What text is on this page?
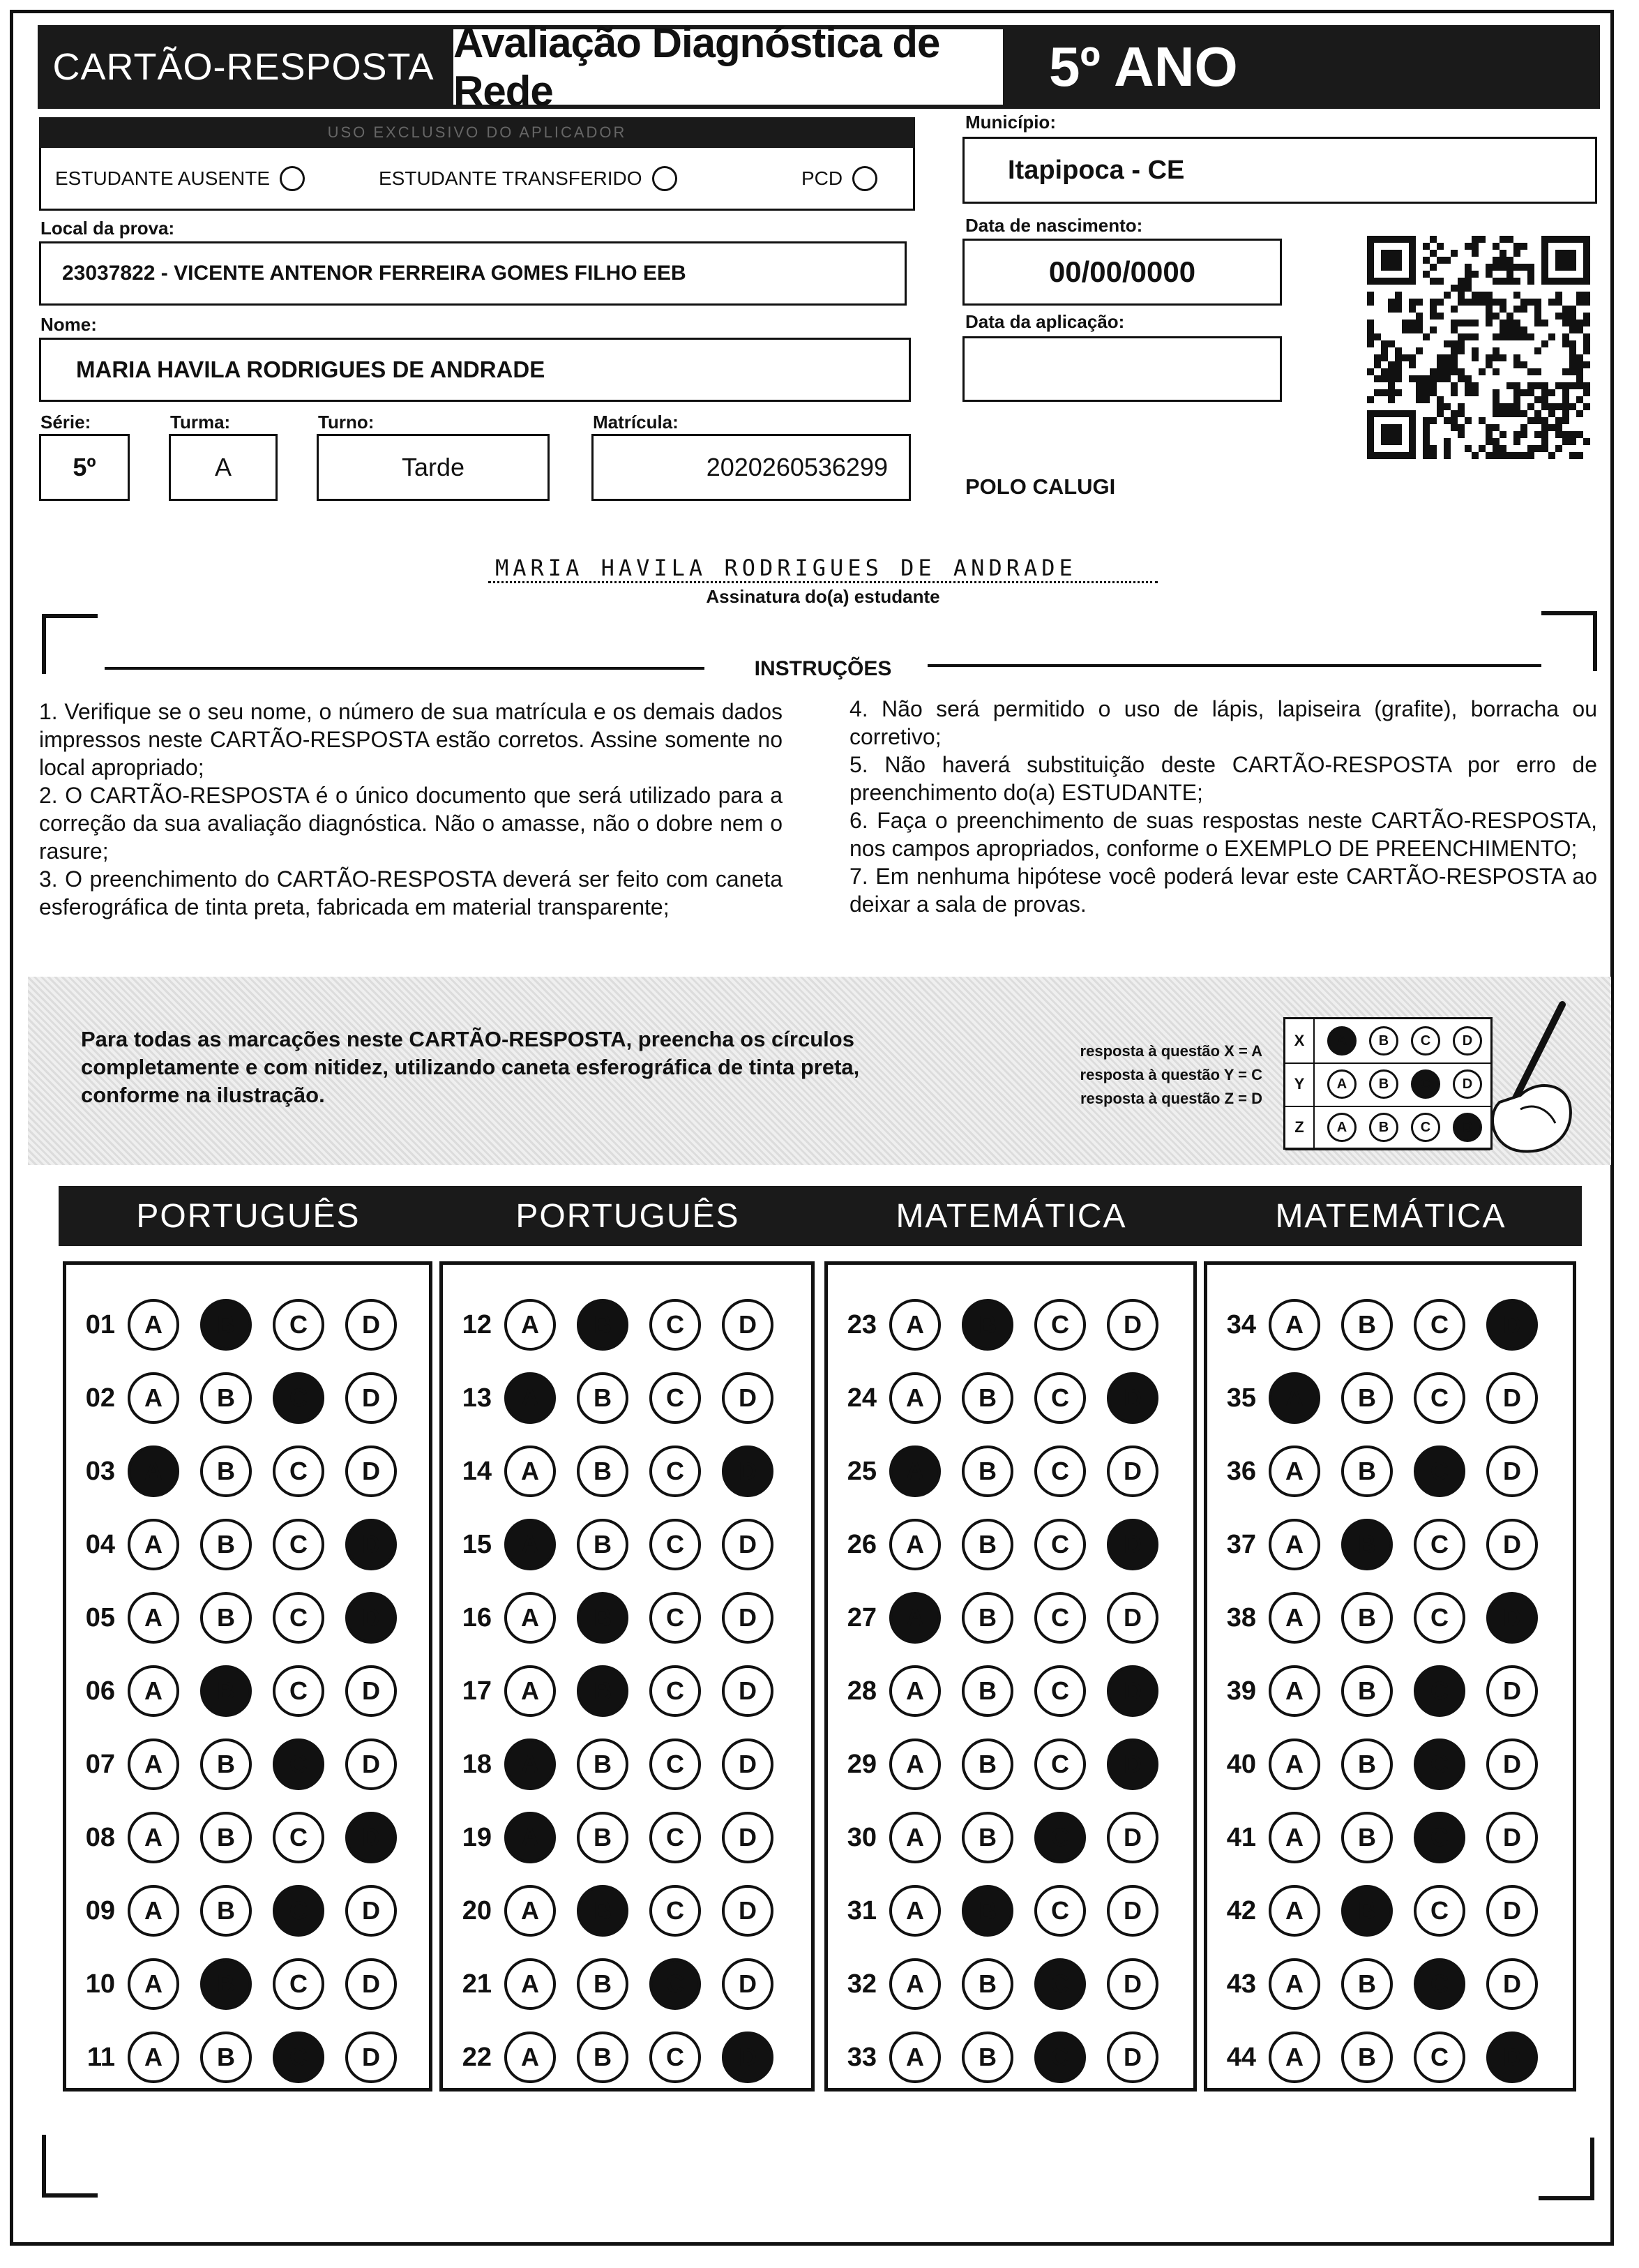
CARTÃO-RESPOSTA
Avaliação Diagnóstica de Rede	5º ANO
USO EXCLUSIVO DO APLICADOR
ESTUDANTE AUSENTE	ESTUDANTE TRANSFERIDO	PCD
Local da prova:
23037822 - VICENTE ANTENOR FERREIRA GOMES FILHO EEB
Nome:
MARIA HAVILA RODRIGUES DE ANDRADE
Série:
5º
Turma:
A
Turno:
Tarde
Matrícula:
2020260536299
Município:
Itapipoca - CE
Data de nascimento:
00/00/0000
Data da aplicação:
POLO CALUGI
MARIA HAVILA RODRIGUES DE ANDRADE
Assinatura do(a) estudante
INSTRUÇÕES
1. Verifique se o seu nome, o número de sua matrícula e os demais dados impressos neste CARTÃO-RESPOSTA estão corretos. Assine somente no local apropriado;
2. O CARTÃO-RESPOSTA é o único documento que será utilizado para a correção da sua avaliação diagnóstica. Não o amasse, não o dobre nem o rasure;
3. O preenchimento do CARTÃO-RESPOSTA deverá ser feito com caneta esferográfica de tinta preta, fabricada em material transparente;
4. Não será permitido o uso de lápis, lapiseira (grafite), borracha ou corretivo;
5. Não haverá substituição deste CARTÃO-RESPOSTA por erro de preenchimento do(a) ESTUDANTE;
6. Faça o preenchimento de suas respostas neste CARTÃO-RESPOSTA, nos campos apropriados, conforme o EXEMPLO DE PREENCHIMENTO;
7. Em nenhuma hipótese você poderá levar este CARTÃO-RESPOSTA ao deixar a sala de provas.
Para todas as marcações neste CARTÃO-RESPOSTA, preencha os círculos completamente e com nitidez, utilizando caneta esferográfica de tinta preta, conforme na ilustração.
resposta à questão X = A
resposta à questão Y = C
resposta à questão Z = D
X	A	B	C	D
Y	A	B	C	D
Z	A	B	C	D
PORTUGUÊS
01	A	B	C	D
02	A	B	C	D
03	A	B	C	D
04	A	B	C	D
05	A	B	C	D
06	A	B	C	D
07	A	B	C	D
08	A	B	C	D
09	A	B	C	D
10	A	B	C	D
11	A	B	C	D
PORTUGUÊS
12	A	B	C	D
13	A	B	C	D
14	A	B	C	D
15	A	B	C	D
16	A	B	C	D
17	A	B	C	D
18	A	B	C	D
19	A	B	C	D
20	A	B	C	D
21	A	B	C	D
22	A	B	C	D
MATEMÁTICA
23	A	B	C	D
24	A	B	C	D
25	A	B	C	D
26	A	B	C	D
27	A	B	C	D
28	A	B	C	D
29	A	B	C	D
30	A	B	C	D
31	A	B	C	D
32	A	B	C	D
33	A	B	C	D
MATEMÁTICA
34	A	B	C	D
35	A	B	C	D
36	A	B	C	D
37	A	B	C	D
38	A	B	C	D
39	A	B	C	D
40	A	B	C	D
41	A	B	C	D
42	A	B	C	D
43	A	B	C	D
44	A	B	C	D
